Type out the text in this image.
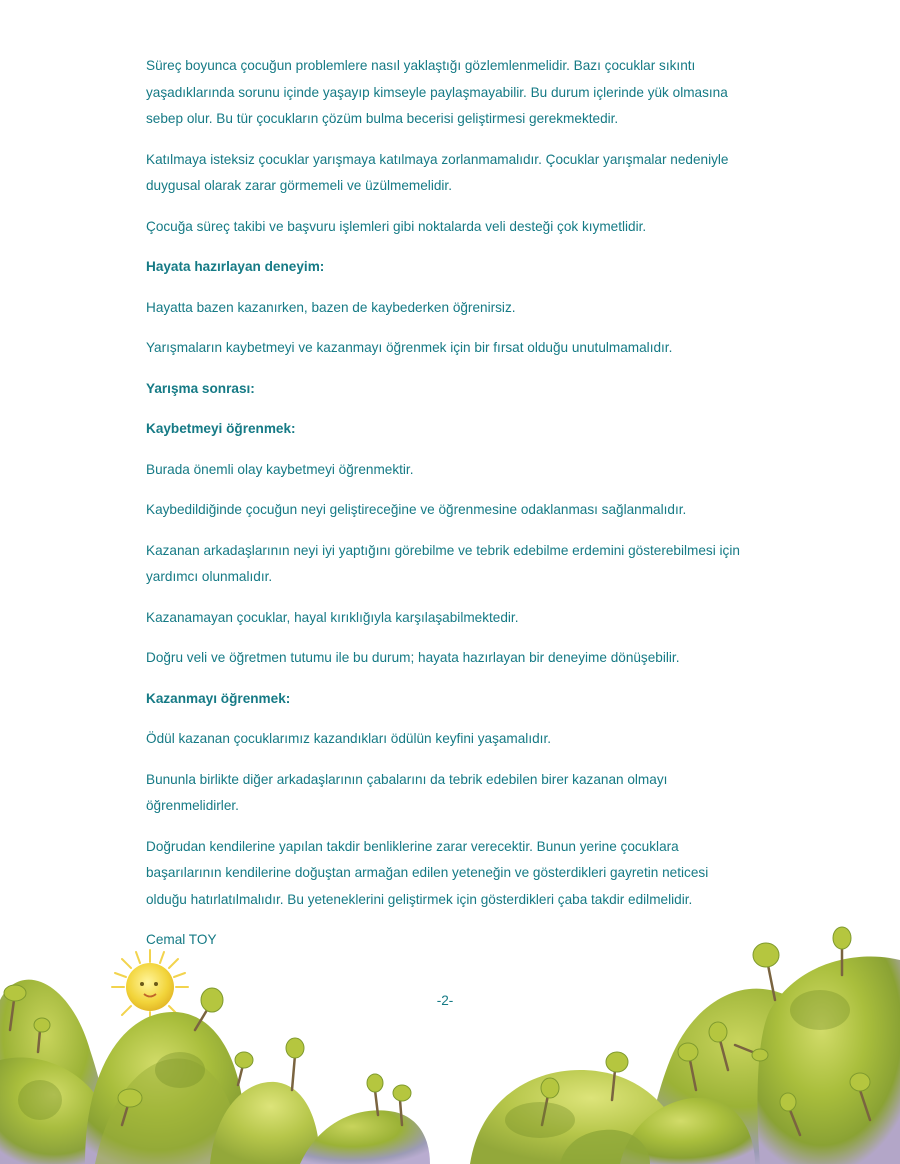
Süreç boyunca çocuğun problemlere nasıl yaklaştığı gözlemlenmelidir. Bazı çocuklar sıkıntı yaşadıklarında sorunu içinde yaşayıp kimseyle paylaşmayabilir. Bu durum içlerinde yük olmasına sebep olur. Bu tür çocukların çözüm bulma becerisi geliştirmesi gerekmektedir.

Katılmaya isteksiz çocuklar yarışmaya katılmaya zorlanmamalıdır. Çocuklar yarışmalar nedeniyle duygusal olarak zarar görmemeli ve üzülmemelidir.

Çocuğa süreç takibi ve başvuru işlemleri gibi noktalarda veli desteği çok kıymetlidir.

Hayata hazırlayan deneyim:

Hayatta bazen kazanırken, bazen de kaybederken öğrenirsiz.

Yarışmaların kaybetmeyi ve kazanmayı öğrenmek için bir fırsat olduğu unutulmamalıdır.

Yarışma sonrası:

Kaybetmeyi öğrenmek:

Burada önemli olay kaybetmeyi öğrenmektir.

Kaybedildiğinde çocuğun neyi geliştireceğine ve öğrenmesine odaklanması sağlanmalıdır.

Kazanan arkadaşlarının neyi iyi yaptığını görebilme ve tebrik edebilme erdemini gösterebilmesi için yardımcı olunmalıdır.

Kazanamayan çocuklar, hayal kırıklığıyla karşılaşabilmektedir.

Doğru veli ve öğretmen tutumu ile bu durum; hayata hazırlayan bir deneyime dönüşebilir.

Kazanmayı öğrenmek:

Ödül kazanan çocuklarımız kazandıkları ödülün keyfini yaşamalıdır.

Bununla birlikte diğer arkadaşlarının çabalarını da tebrik edebilen birer kazanan olmayı öğrenmelidirler.

Doğrudan kendilerine yapılan takdir benliklerine zarar verecektir. Bunun yerine çocuklara başarılarının kendilerine doğuştan armağan edilen yeteneğin ve gösterdikleri gayretin neticesi olduğu hatırlatılmalıdır. Bu yeteneklerini geliştirmek için gösterdikleri çaba takdir edilmelidir.

Cemal TOY

-2-
